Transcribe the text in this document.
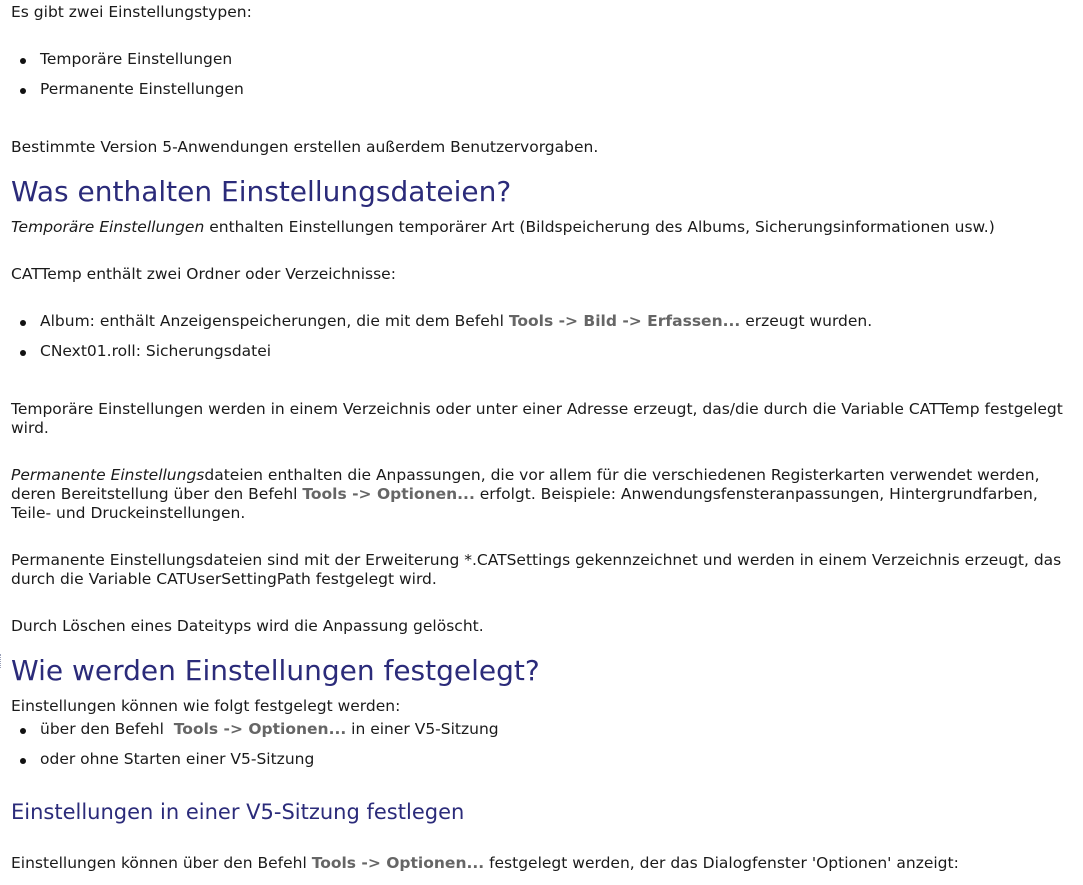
Es gibt zwei Einstellungstypen:

Temporäre Einstellungen
Permanente Einstellungen

Bestimmte Version 5-Anwendungen erstellen außerdem Benutzervorgaben.

Was enthalten Einstellungsdateien?

Temporäre Einstellungen enthalten Einstellungen temporärer Art (Bildspeicherung des Albums, Sicherungsinformationen usw.)

CATTemp enthält zwei Ordner oder Verzeichnisse:

Album: enthält Anzeigenspeicherungen, die mit dem Befehl Tools -> Bild -> Erfassen... erzeugt wurden.
CNext01.roll: Sicherungsdatei

Temporäre Einstellungen werden in einem Verzeichnis oder unter einer Adresse erzeugt, das/die durch die Variable CATTemp festgelegt wird.

Permanente Einstellungsdateien enthalten die Anpassungen, die vor allem für die verschiedenen Registerkarten verwendet werden, deren Bereitstellung über den Befehl Tools -> Optionen... erfolgt. Beispiele: Anwendungsfensteranpassungen, Hintergrundfarben, Teile- und Druckeinstellungen.

Permanente Einstellungsdateien sind mit der Erweiterung *.CATSettings gekennzeichnet und werden in einem Verzeichnis erzeugt, das durch die Variable CATUserSettingPath festgelegt wird.

Durch Löschen eines Dateityps wird die Anpassung gelöscht.

Wie werden Einstellungen festgelegt?

Einstellungen können wie folgt festgelegt werden:

über den Befehl  Tools -> Optionen... in einer V5-Sitzung
oder ohne Starten einer V5-Sitzung
Einstellungen in einer V5-Sitzung festlegen

Einstellungen können über den Befehl Tools -> Optionen... festgelegt werden, der das Dialogfenster 'Optionen' anzeigt:
